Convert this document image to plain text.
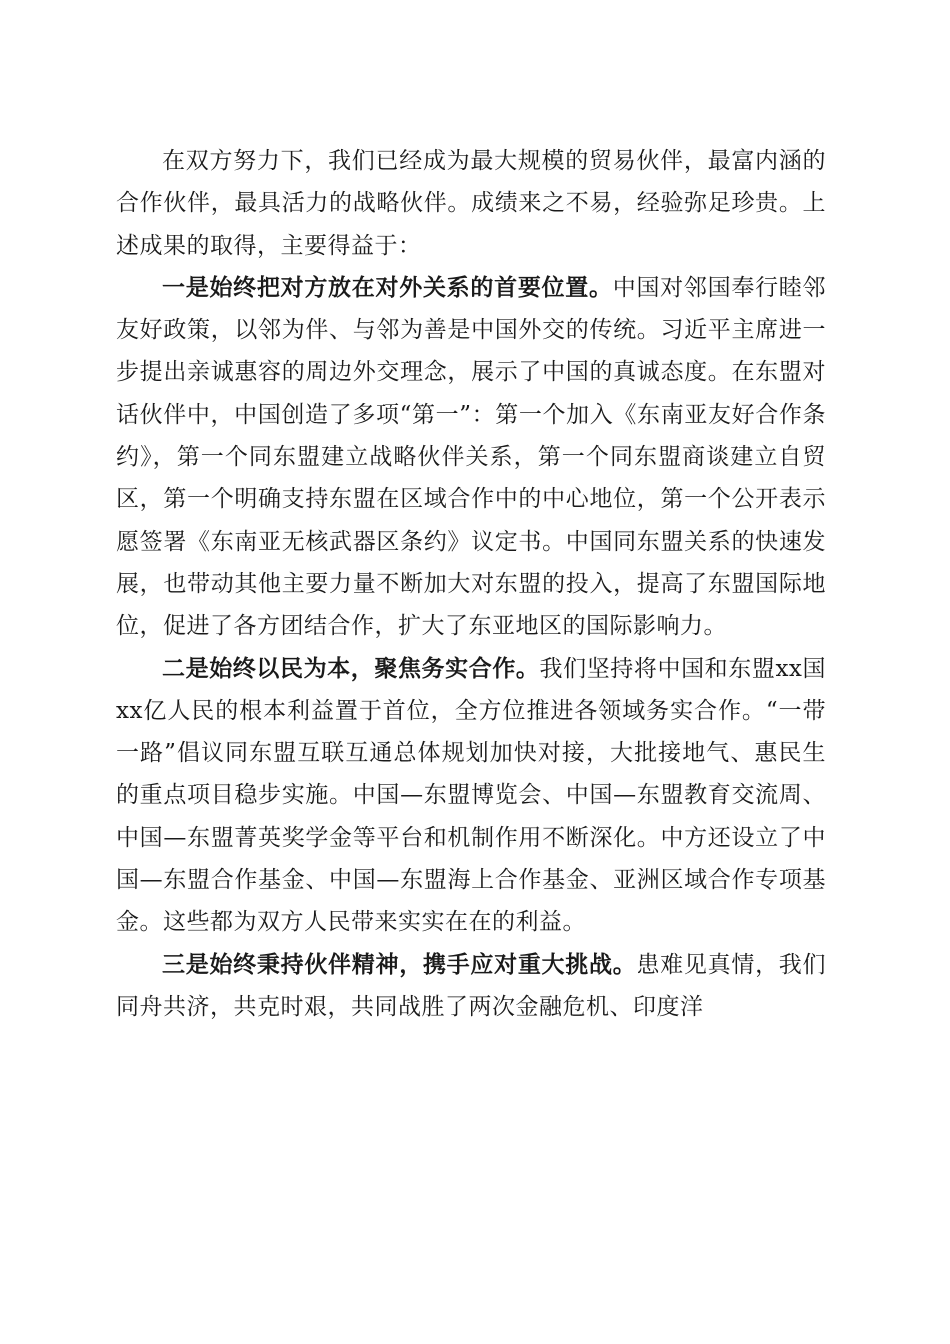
在双方努力下，我们已经成为最大规模的贸易伙伴，最富内涵的合作伙伴，最具活力的战略伙伴。成绩来之不易，经验弥足珍贵。上述成果的取得，主要得益于：

一是始终把对方放在对外关系的首要位置。中国对邻国奉行睦邻友好政策，以邻为伴、与邻为善是中国外交的传统。习近平主席进一步提出亲诚惠容的周边外交理念，展示了中国的真诚态度。在东盟对话伙伴中，中国创造了多项“第一”：第一个加入《东南亚友好合作条约》，第一个同东盟建立战略伙伴关系，第一个同东盟商谈建立自贸区，第一个明确支持东盟在区域合作中的中心地位，第一个公开表示愿签署《东南亚无核武器区条约》议定书。中国同东盟关系的快速发展，也带动其他主要力量不断加大对东盟的投入，提高了东盟国际地位，促进了各方团结合作，扩大了东亚地区的国际影响力。

二是始终以民为本，聚焦务实合作。我们坚持将中国和东盟xx国xx亿人民的根本利益置于首位，全方位推进各领域务实合作。“一带一路”倡议同东盟互联互通总体规划加快对接，大批接地气、惠民生的重点项目稳步实施。中国—东盟博览会、中国—东盟教育交流周、中国—东盟菁英奖学金等平台和机制作用不断深化。中方还设立了中国—东盟合作基金、中国—东盟海上合作基金、亚洲区域合作专项基金。这些都为双方人民带来实实在在的利益。

三是始终秉持伙伴精神，携手应对重大挑战。患难见真情，我们同舟共济，共克时艰，共同战胜了两次金融危机、印度洋
